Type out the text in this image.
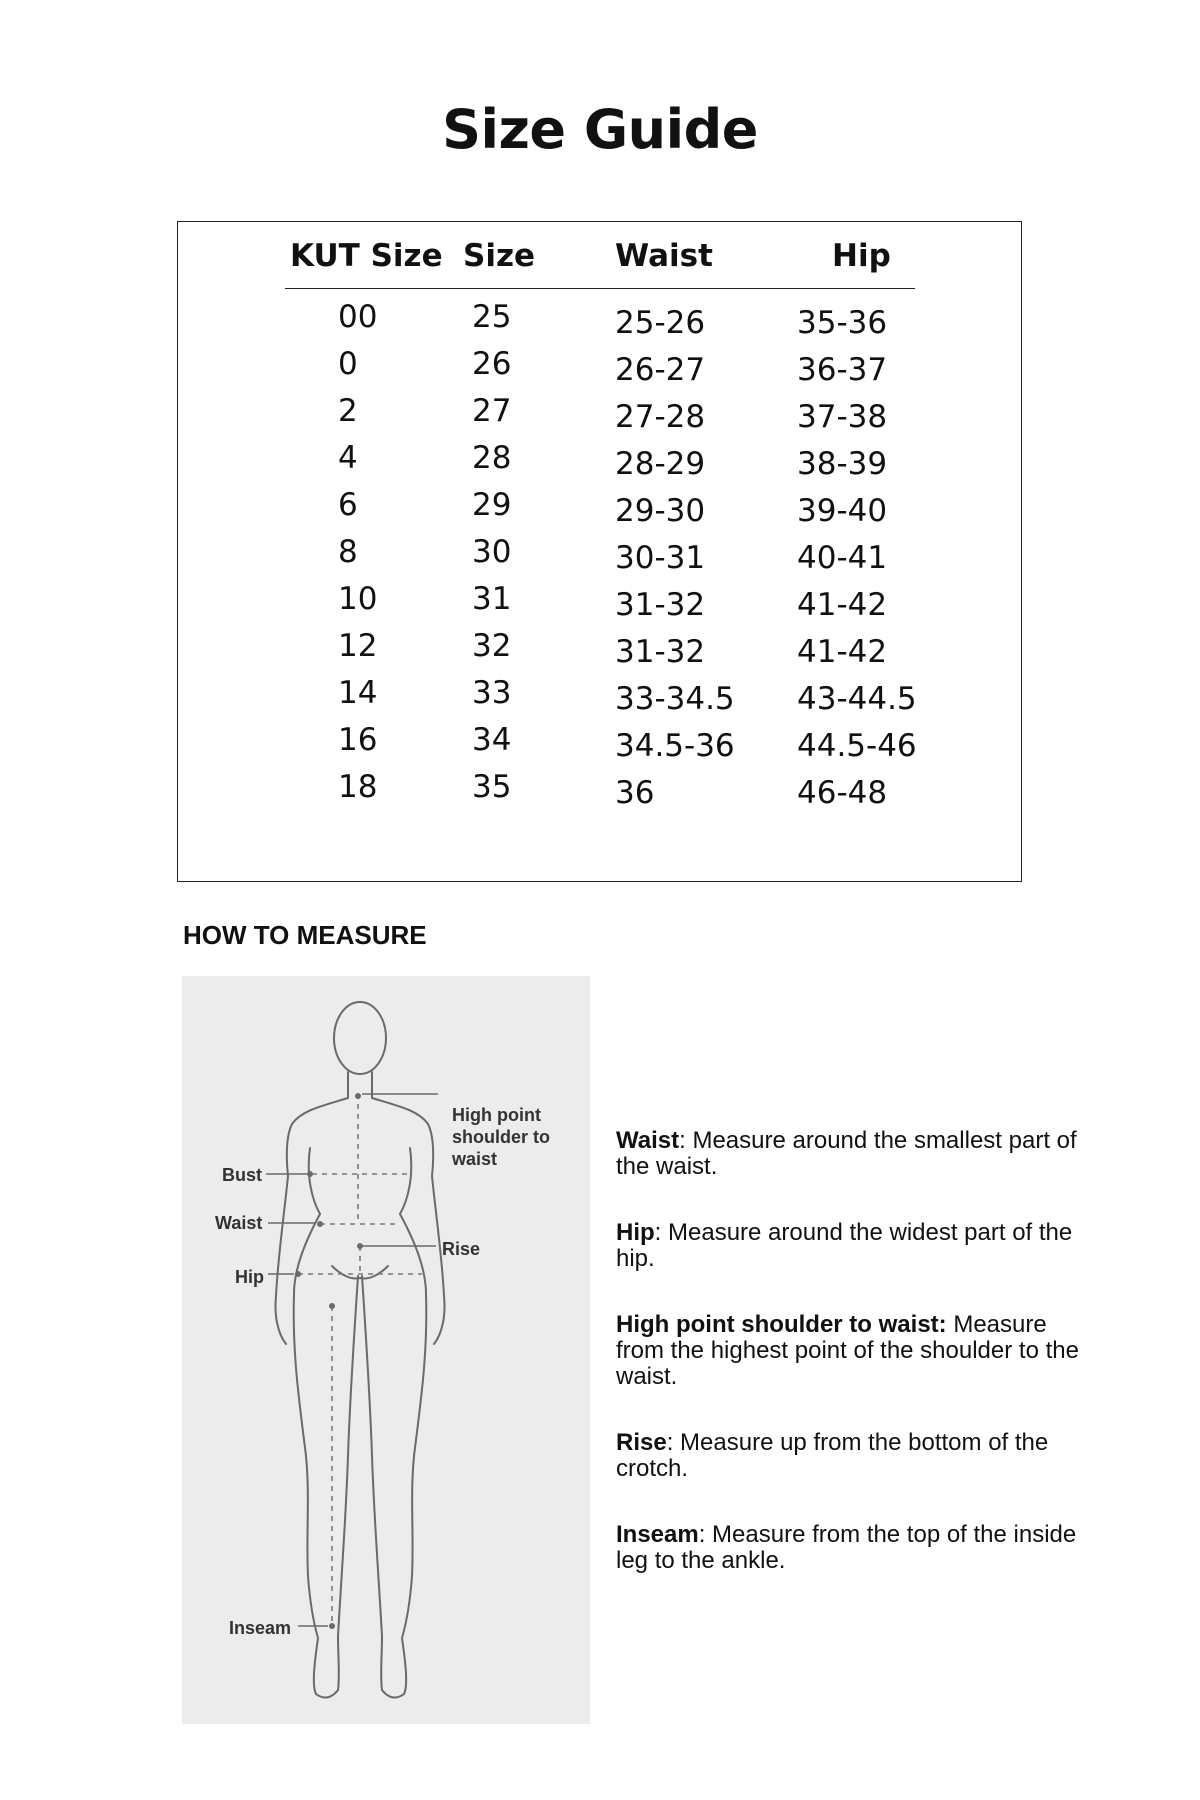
Size Guide
KUT Size Size	Waist	Hip
00	25	25-26	35-36
0	26	26-27	36-37
2	27	27-28	37-38
4	28	28-29	38-39
6	29	29-30	39-40
8	30	30-31	40-41
10	31	31-32	41-42
12	32	31-32	41-42
14	33	33-34.5 43-44.5
16	34	34.5-36 44.5-46
18	35	36	46-48
HOW TO MEASURE
High point
shoulder to
waist
Bust
Waist
Hip
Rise
Inseam

Waist: Measure around the smallest part of the waist.

Hip: Measure around the widest part of the hip.

High point shoulder to waist: Measure from the highest point of the shoulder to the waist.

Rise: Measure up from the bottom of the crotch.

Inseam: Measure from the top of the inside leg to the ankle.
